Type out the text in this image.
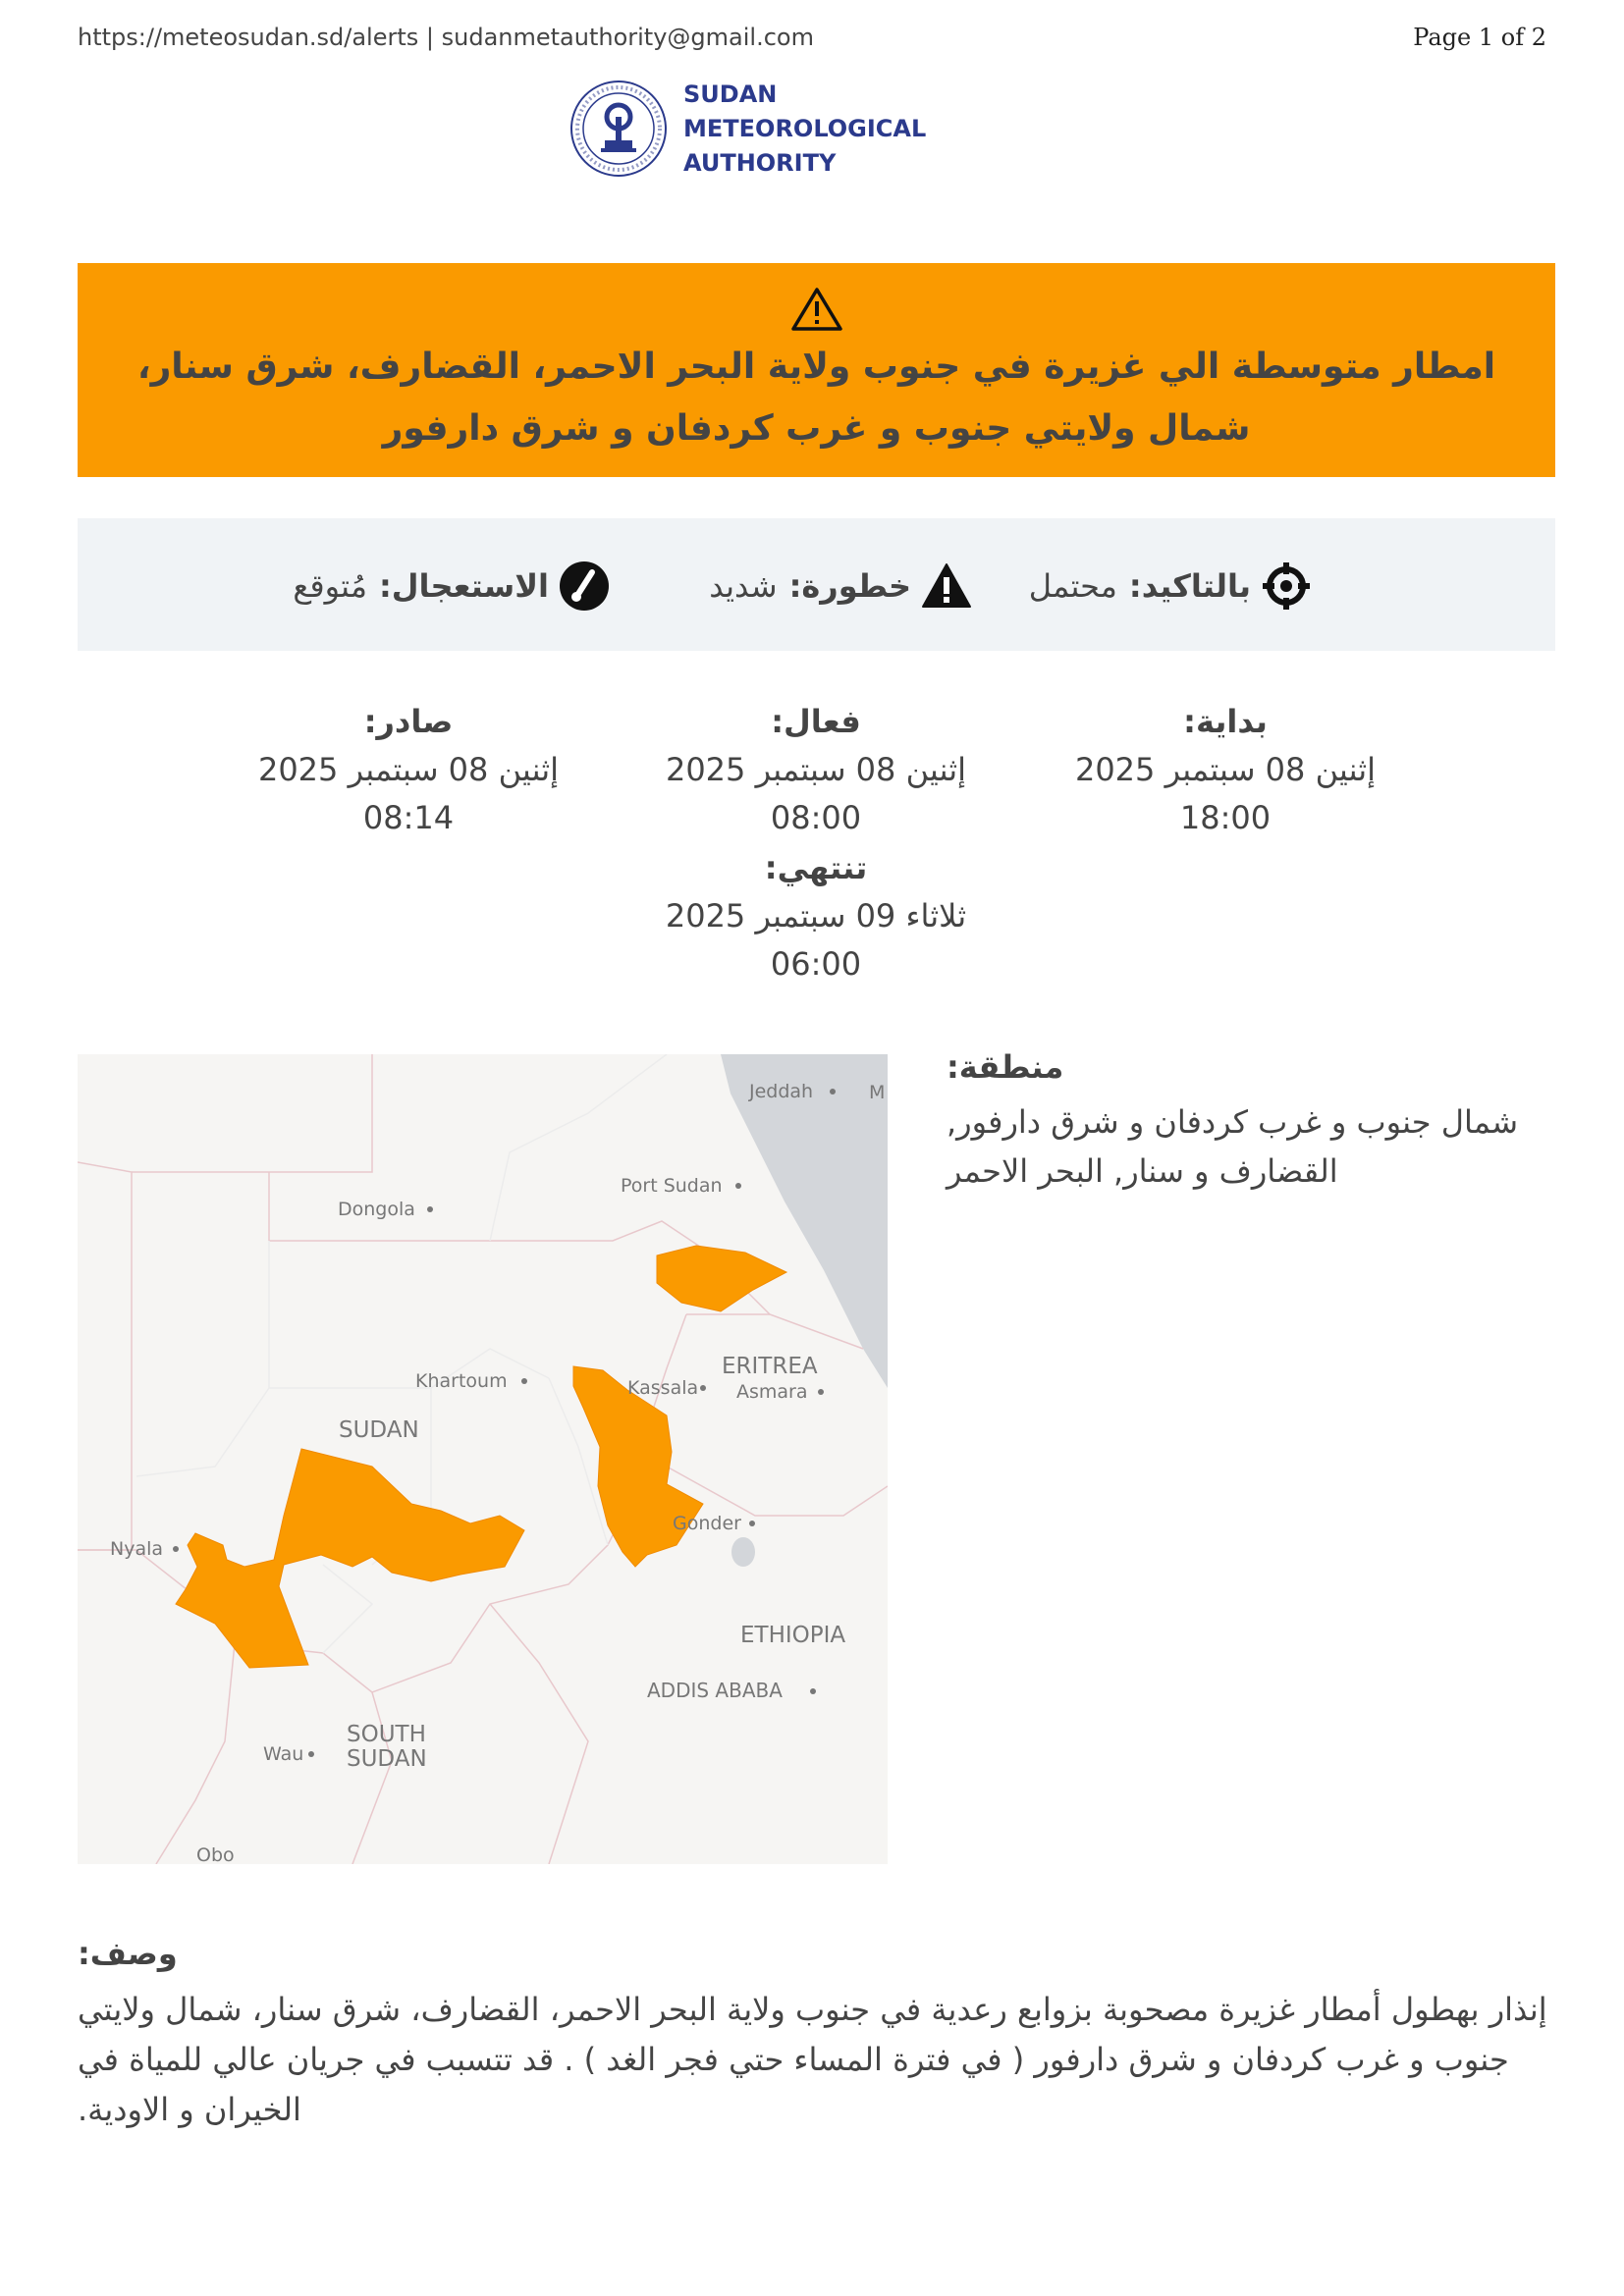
https://meteosudan.sd/alerts | sudanmetauthority@gmail.com	Page 1 of 2
SUDAN
METEOROLOGICAL
AUTHORITY
امطار متوسطة الي غزيرة في جنوب ولاية البحر الاحمر، القضارف، شرق سنار، شمال ولايتي جنوب و غرب كردفان و شرق دارفور
بالتاكيد:
محتمل
خطورة:
شديد
الاستعجال:
مُتوقع
بداية:
إثنين 08 سبتمبر 2025
18:00
فعال:
إثنين 08 سبتمبر 2025
08:00
صادر:
إثنين 08 سبتمبر 2025
08:14
تنتهي:
ثلاثاء 09 سبتمبر 2025
06:00
Jeddah	M
Port Sudan
Dongola
Khartoum	Kassala
ERITREA
Asmara
SUDAN
Nyala
Gonder
ETHIOPIA
ADDIS ABABA
SOUTH
SUDAN
Wau
Obo
منطقة:
شمال جنوب و غرب كردفان و شرق دارفور, القضارف و سنار, البحر الاحمر
وصف:
إنذار بهطول أمطار غزيرة مصحوبة بزوابع رعدية في جنوب ولاية البحر الاحمر، القضارف، شرق سنار، شمال ولايتي جنوب و غرب كردفان و شرق دارفور ( في فترة المساء حتي فجر الغد ) . قد تتسبب في جريان عالي للمياة في الخيران و الاودية.
